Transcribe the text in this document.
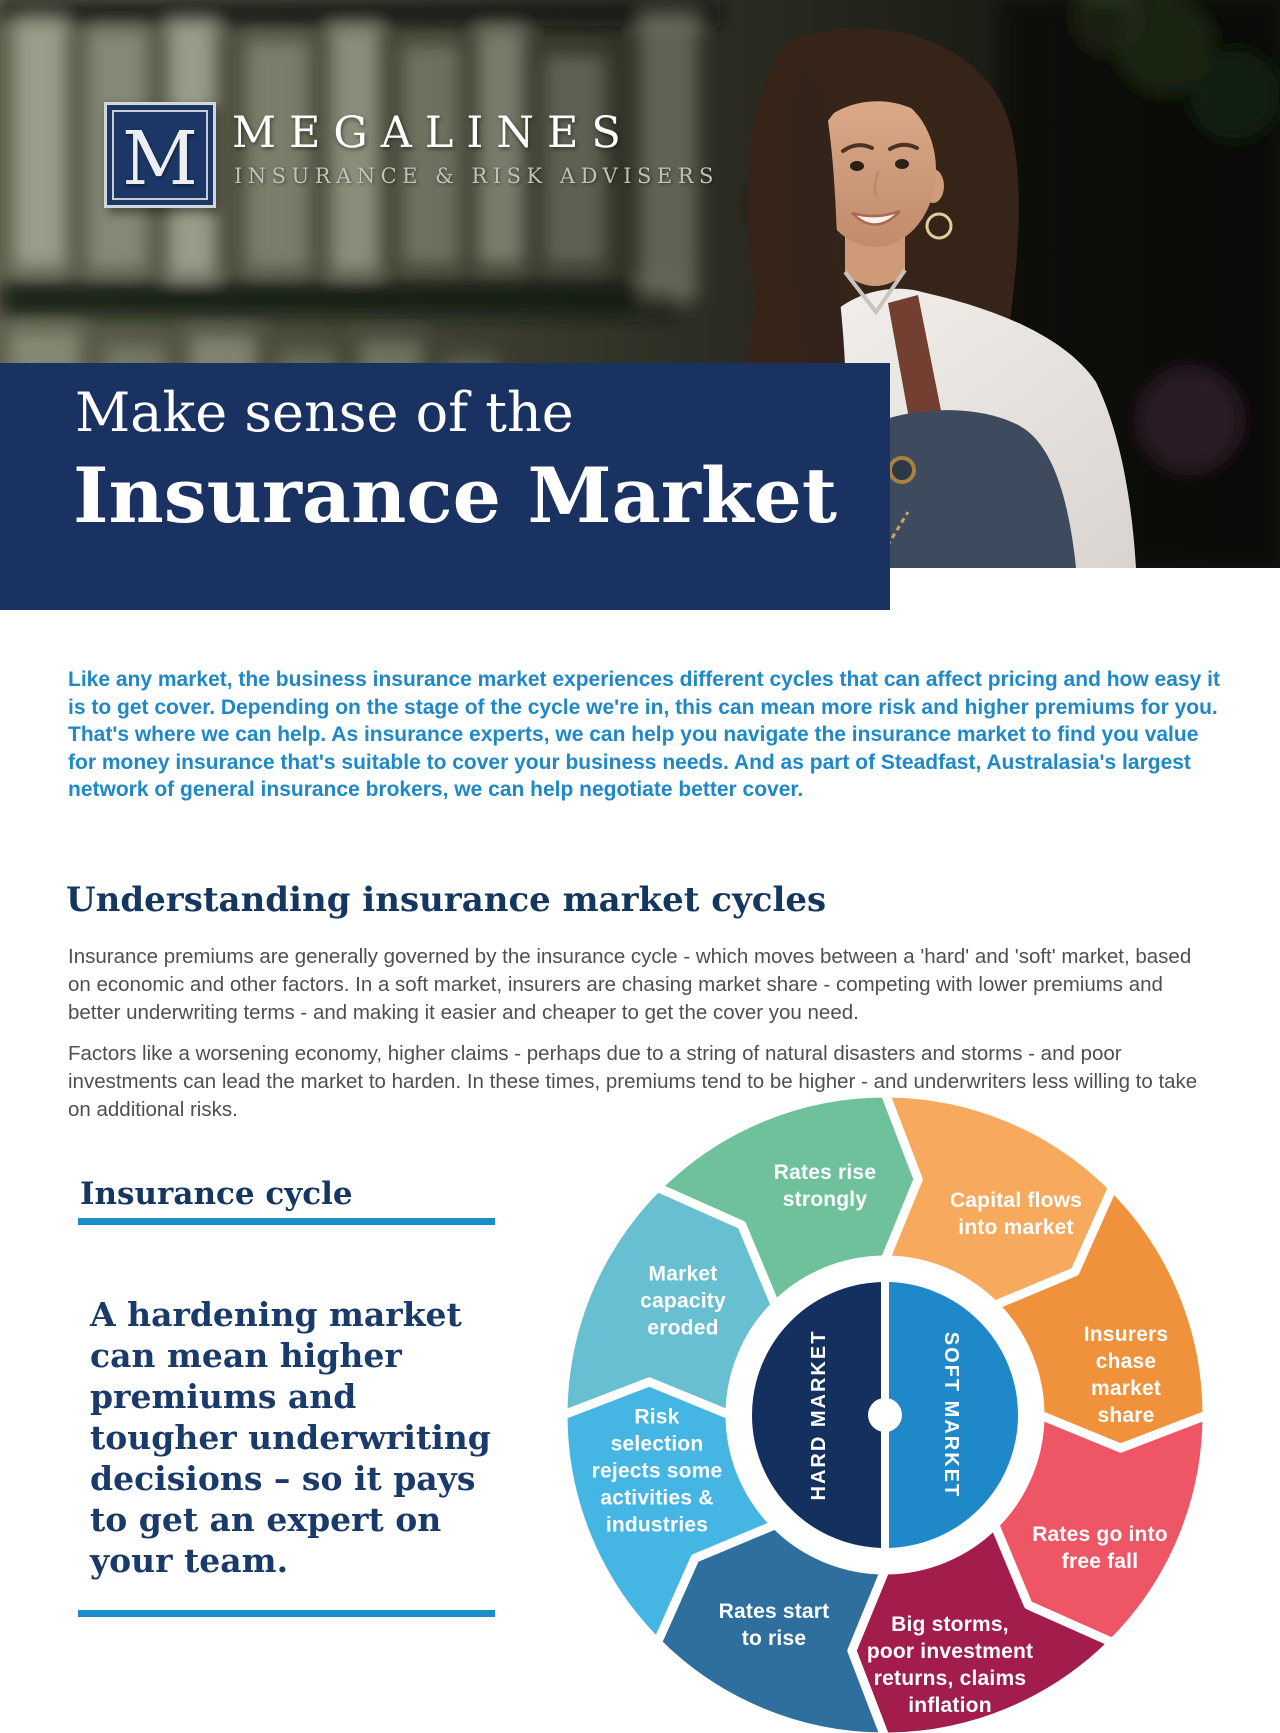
M MEGALINES
INSURANCE & RISK ADVISERS
Make sense of the
Insurance Market

Like any market, the business insurance market experiences different cycles that can affect pricing and how easy it is to get cover. Depending on the stage of the cycle we're in, this can mean more risk and higher premiums for you. That's where we can help. As insurance experts, we can help you navigate the insurance market to find you value for money insurance that's suitable to cover your business needs. And as part of Steadfast, Australasia's largest network of general insurance brokers, we can help negotiate better cover.

Understanding insurance market cycles

Insurance premiums are generally governed by the insurance cycle - which moves between a 'hard' and 'soft' market, based on economic and other factors. In a soft market, insurers are chasing market share - competing with lower premiums and better underwriting terms - and making it easier and cheaper to get the cover you need.

Factors like a worsening economy, higher claims - perhaps due to a string of natural disasters and storms - and poor investments can lead the market to harden. In these times, premiums tend to be higher - and underwriters less willing to take on additional risks.

Insurance cycle
A hardening market can mean higher premiums and tougher underwriting decisions – so it pays to get an expert on your team.
Capital flows into market
Insurers chase market share
Rates go into free fall
Big storms, poor investment returns, claims inflation
Rates start to rise
Risk selection rejects some activities & industries
Market capacity eroded
Rates rise strongly
HARD MARKET	SOFT MARKET
